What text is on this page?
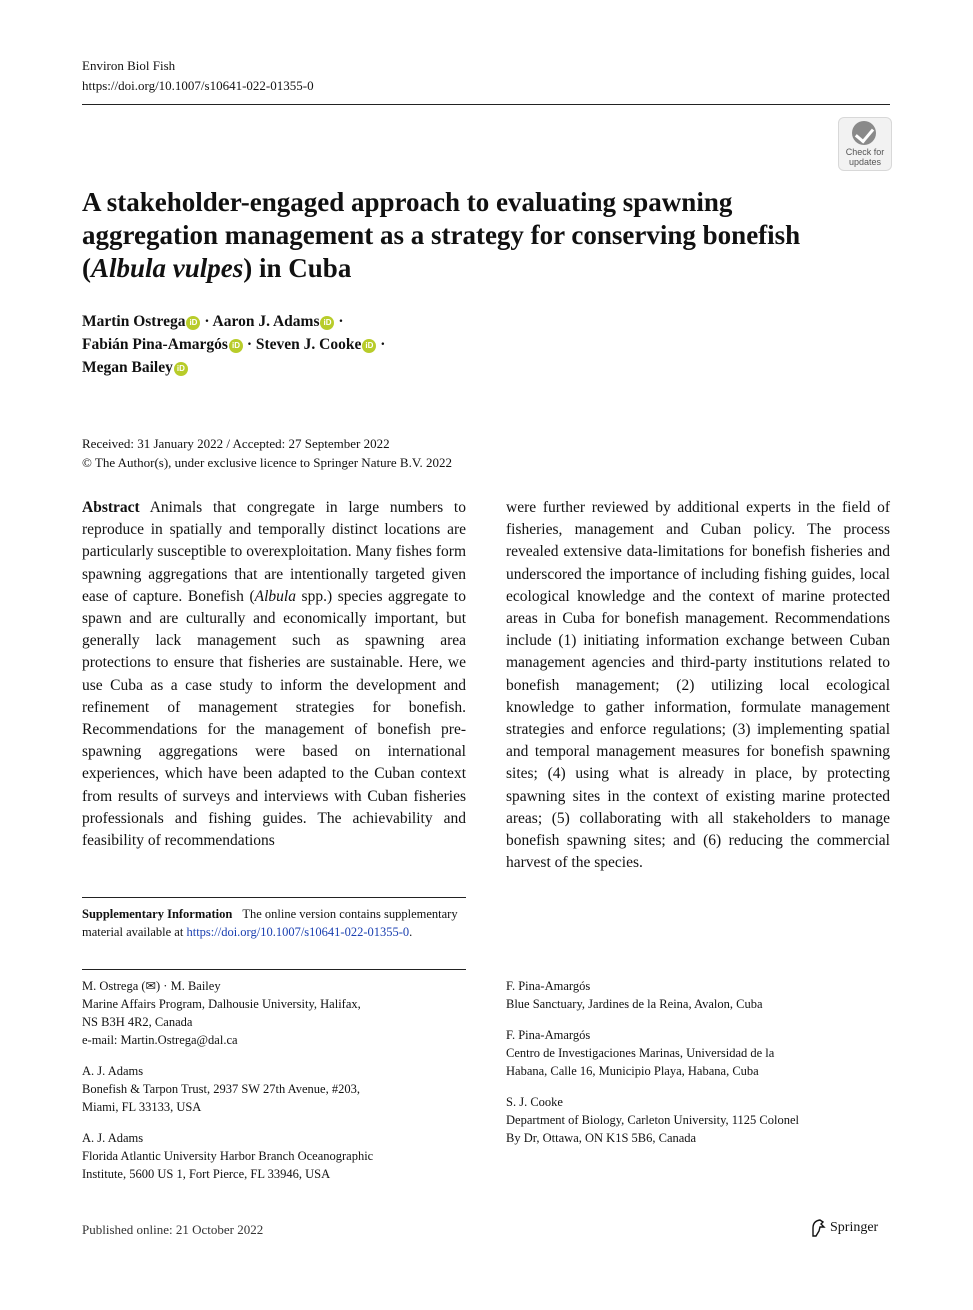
Environ Biol Fish
https://doi.org/10.1007/s10641-022-01355-0
Check for
updates
A stakeholder-engaged approach to evaluating spawning aggregation management as a strategy for conserving bonefish (Albula vulpes) in Cuba
Martin Ostrega iD · Aaron J. Adams iD ·
Fabián Pina-Amargós iD · Steven J. Cooke iD ·
Megan Bailey iD
Received: 31 January 2022 / Accepted: 27 September 2022
© The Author(s), under exclusive licence to Springer Nature B.V. 2022
Abstract Animals that congregate in large numbers to reproduce in spatially and temporally distinct locations are particularly susceptible to overexploitation. Many fishes form spawning aggregations that are intentionally targeted given ease of capture. Bonefish (Albula spp.) species aggregate to spawn and are culturally and economically important, but generally lack management such as spawning area protections to ensure that fisheries are sustainable. Here, we use Cuba as a case study to inform the development and refinement of management strategies for bonefish. Recommendations for the management of bonefish pre-spawning aggregations were based on international experiences, which have been adapted to the Cuban context from results of surveys and interviews with Cuban fisheries professionals and fishing guides. The achievability and feasibility of recommendations
were further reviewed by additional experts in the field of fisheries, management and Cuban policy. The process revealed extensive data-limitations for bonefish fisheries and underscored the importance of including fishing guides, local ecological knowledge and the context of marine protected areas in Cuba for bonefish management. Recommendations include (1) initiating information exchange between Cuban management agencies and third-party institutions related to bonefish management; (2) utilizing local ecological knowledge to gather information, formulate management strategies and enforce regulations; (3) implementing spatial and temporal management measures for bonefish spawning sites; (4) using what is already in place, by protecting spawning sites in the context of existing marine protected areas; (5) collaborating with all stakeholders to manage bonefish spawning sites; and (6) reducing the commercial harvest of the species.
Supplementary Information The online version contains supplementary material available at https://doi.org/10.1007/s10641-022-01355-0.

M. Ostrega (✉) · M. Bailey
Marine Affairs Program, Dalhousie University, Halifax,
NS B3H 4R2, Canada
e-mail: Martin.Ostrega@dal.ca

A. J. Adams
Bonefish & Tarpon Trust, 2937 SW 27th Avenue, #203,
Miami, FL 33133, USA

A. J. Adams
Florida Atlantic University Harbor Branch Oceanographic
Institute, 5600 US 1, Fort Pierce, FL 33946, USA

F. Pina-Amargós
Blue Sanctuary, Jardines de la Reina, Avalon, Cuba

F. Pina-Amargós
Centro de Investigaciones Marinas, Universidad de la
Habana, Calle 16, Municipio Playa, Habana, Cuba

S. J. Cooke
Department of Biology, Carleton University, 1125 Colonel
By Dr, Ottawa, ON K1S 5B6, Canada

Published online: 21 October 2022	Springer
